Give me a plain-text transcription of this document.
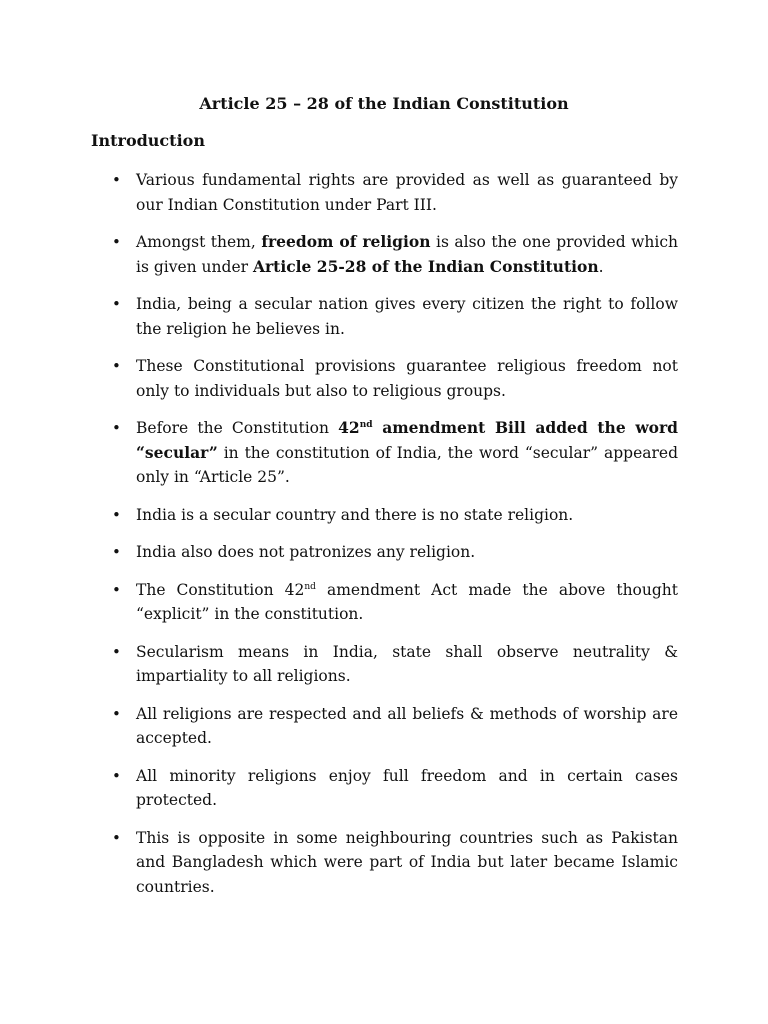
Article 25 – 28 of the Indian Constitution
Introduction
• Various fundamental rights are provided as well as guaranteed by our Indian Constitution under Part III.
• Amongst them, freedom of religion is also the one provided which is given under Article 25-28 of the Indian Constitution.
• India, being a secular nation gives every citizen the right to follow the religion he believes in.
• These Constitutional provisions guarantee religious freedom not only to individuals but also to religious groups.
• Before the Constitution 42nd amendment Bill added the word “secular” in the constitution of India, the word “secular” appeared only in “Article 25”.
• India is a secular country and there is no state religion.
• India also does not patronizes any religion.
• The Constitution 42nd amendment Act made the above thought “explicit” in the constitution.
• Secularism means in India, state shall observe neutrality & impartiality to all religions.
• All religions are respected and all beliefs & methods of worship are accepted.
• All minority religions enjoy full freedom and in certain cases protected.
• This is opposite in some neighbouring countries such as Pakistan and Bangladesh which were part of India but later became Islamic countries.
